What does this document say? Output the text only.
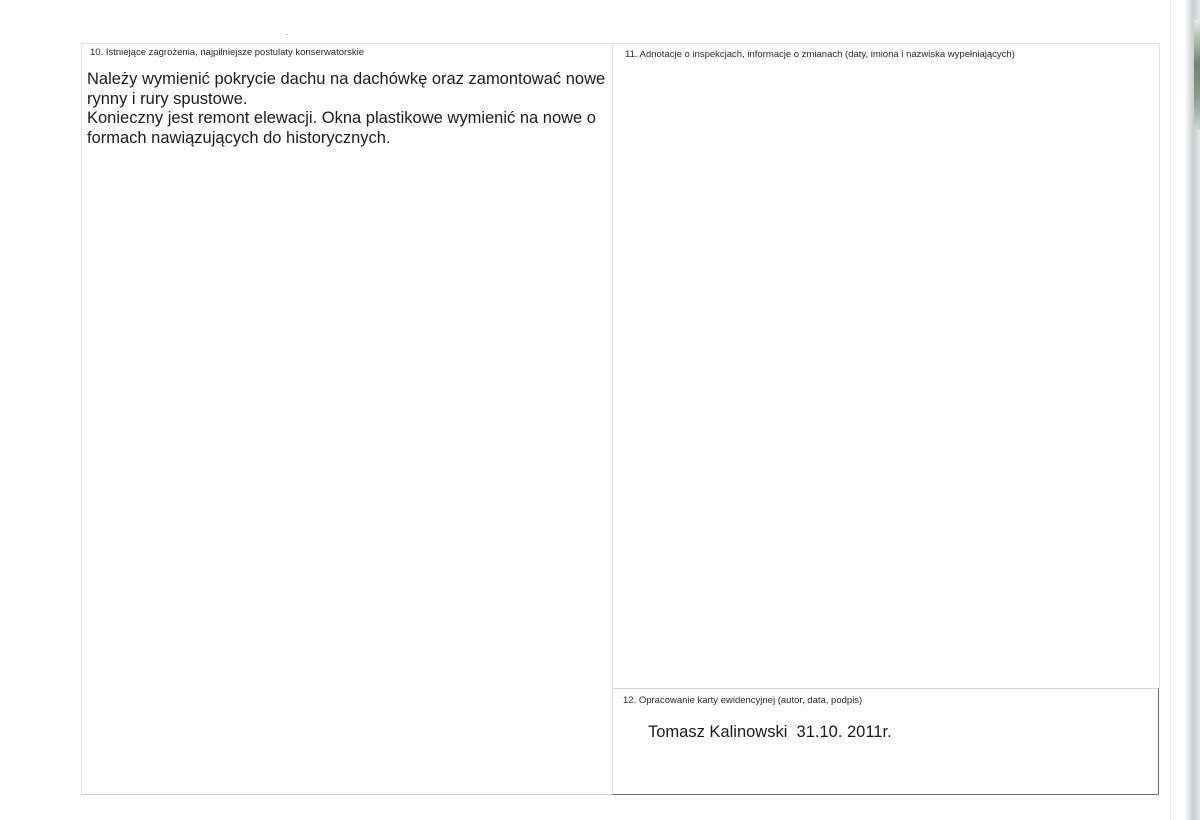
10. Istniejące zagrożenia, najpilniejsze postulaty konserwatorskie

Należy wymienić pokrycie dachu na dachówkę oraz zamontować nowe rynny i rury spustowe.

Konieczny jest remont elewacji. Okna plastikowe wymienić na nowe o formach nawiązujących do historycznych.

11. Adnotacje o inspekcjach, informacje o zmianach (daty, imiona i nazwiska wypełniających)
12. Opracowanie karty ewidencyjnej (autor, data, podpis)
Tomasz Kalinowski  31.10. 2011r.
